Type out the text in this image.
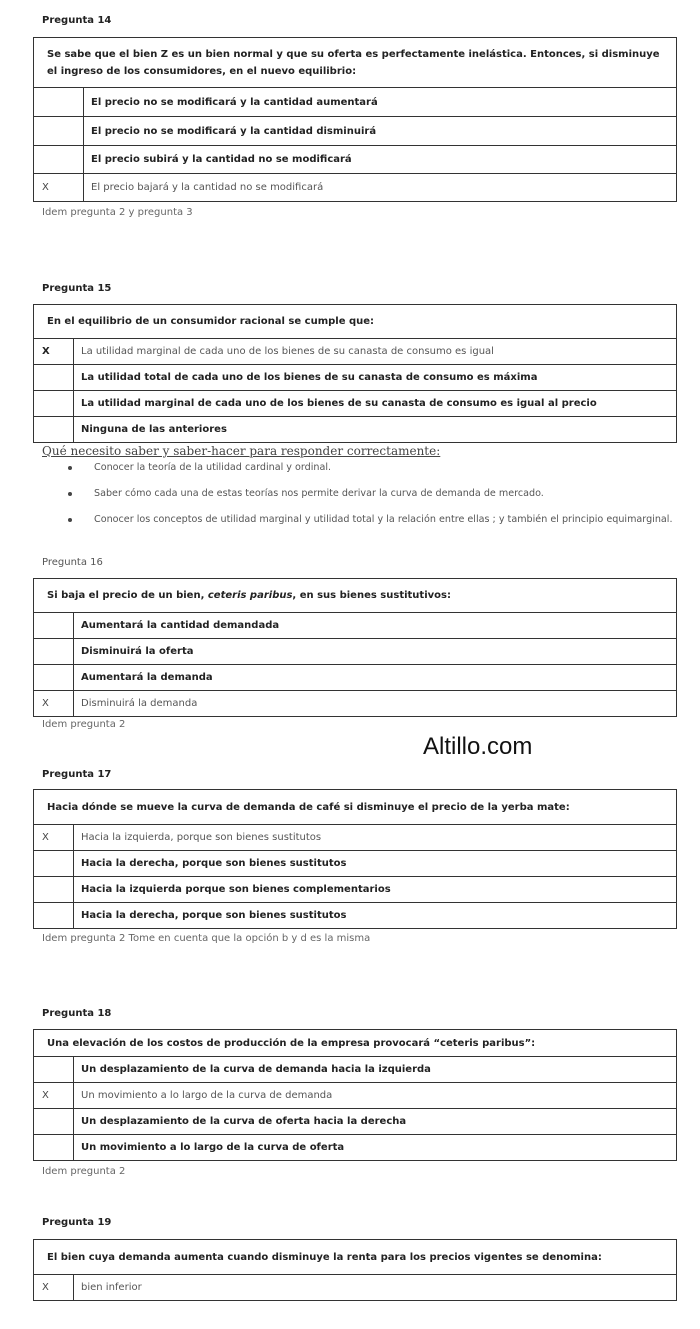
Pregunta 14
Se sabe que el bien Z es un bien normal y que su oferta es perfectamente inelástica. Entonces, si disminuye el ingreso de los consumidores, en el nuevo equilibrio:	
	El precio no se modificará y la cantidad aumentará
	El precio no se modificará y la cantidad disminuirá
	El precio subirá y la cantidad no se modificará
X	El precio bajará y la cantidad no se modificará
Idem pregunta 2 y pregunta 3
Pregunta 15
En el equilibrio de un consumidor racional se cumple que:	
X	La utilidad marginal de cada uno de los bienes de su canasta de consumo es igual
	La utilidad total de cada uno de los bienes de su canasta de consumo es máxima
	La utilidad marginal de cada uno de los bienes de su canasta de consumo es igual al precio
	Ninguna de las anteriores
Qué necesito saber y saber-hacer para responder correctamente:
Conocer la teoría de la utilidad cardinal y ordinal.
Saber cómo cada una de estas teorías nos permite derivar la curva de demanda de mercado.
Conocer los conceptos de utilidad marginal y utilidad total y la relación entre ellas ; y también el principio equimarginal.
Pregunta 16
Si baja el precio de un bien, ceteris paribus, en sus bienes sustitutivos:	
	Aumentará la cantidad demandada
	Disminuirá la oferta
	Aumentará la demanda
X	Disminuirá la demanda
Idem pregunta 2
Altillo.com
Pregunta 17
Hacia dónde se mueve la curva de demanda de café si disminuye el precio de la yerba mate:	
X	Hacia la izquierda, porque son bienes sustitutos
	Hacia la derecha, porque son bienes sustitutos
	Hacia la izquierda porque son bienes complementarios
	Hacia la derecha, porque son bienes sustitutos
Idem pregunta 2 Tome en cuenta que la opción b y d es la misma
Pregunta 18
Una elevación de los costos de producción de la empresa provocará “ceteris paribus”:	
	Un desplazamiento de la curva de demanda hacia la izquierda
X	Un movimiento a lo largo de la curva de demanda
	Un desplazamiento de la curva de oferta hacia la derecha
	Un movimiento a lo largo de la curva de oferta
Idem pregunta 2
Pregunta 19
El bien cuya demanda aumenta cuando disminuye la renta para los precios vigentes se denomina:
X	bien inferior
